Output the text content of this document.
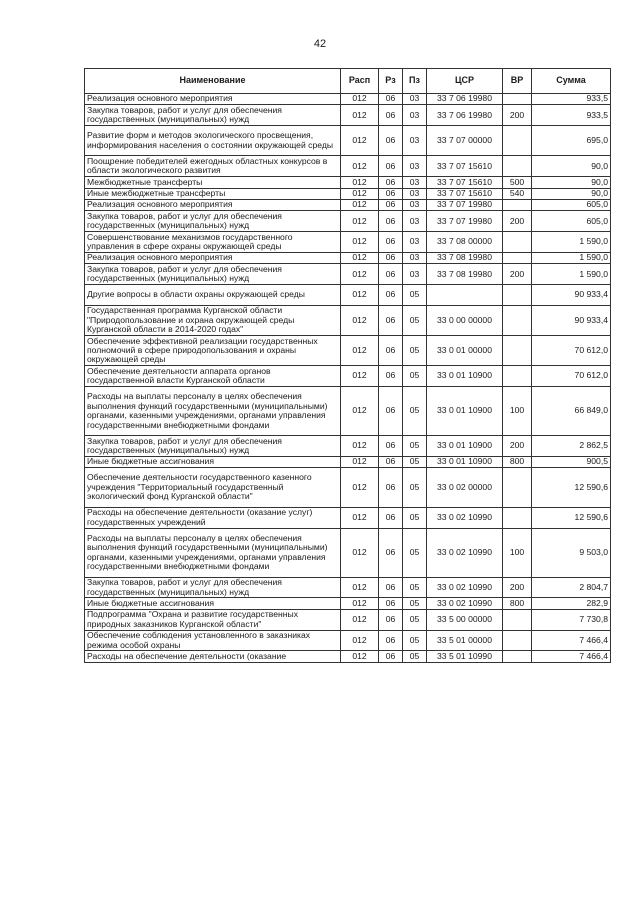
42
Наименование	Расп	Рз	Пз	ЦСР	ВР	Сумма
Реализация основного мероприятия	012	06	03	33 7 06 19980		933,5
Закупка товаров, работ и услуг для обеспечения государственных (муниципальных) нужд	012	06	03	33 7 06 19980	200	933,5
Развитие форм и методов экологического просвещения, информирования населения о состоянии окружающей среды	012	06	03	33 7 07 00000		695,0
Поощрение победителей ежегодных областных конкурсов в области экологического развития	012	06	03	33 7 07 15610		90,0
Межбюджетные трансферты	012	06	03	33 7 07 15610	500	90,0
Иные межбюджетные трансферты	012	06	03	33 7 07 15610	540	90,0
Реализация основного мероприятия	012	06	03	33 7 07 19980		605,0
Закупка товаров, работ и услуг для обеспечения государственных (муниципальных) нужд	012	06	03	33 7 07 19980	200	605,0
Совершенствование механизмов государственного управления в сфере охраны окружающей среды	012	06	03	33 7 08 00000		1 590,0
Реализация основного мероприятия	012	06	03	33 7 08 19980		1 590,0
Закупка товаров, работ и услуг для обеспечения государственных (муниципальных) нужд	012	06	03	33 7 08 19980	200	1 590,0
Другие вопросы в области охраны окружающей среды	012	06	05			90 933,4
Государственная программа Курганской области "Природопользование и охрана окружающей среды Курганской области в 2014-2020 годах"	012	06	05	33 0 00 00000		90 933,4
Обеспечение эффективной реализации государственных полномочий в сфере природопользования и охраны окружающей среды	012	06	05	33 0 01 00000		70 612,0
Обеспечение деятельности аппарата органов государственной власти Курганской области	012	06	05	33 0 01 10900		70 612,0
Расходы на выплаты персоналу в целях обеспечения выполнения функций государственными (муниципальными) органами, казенными учреждениями, органами управления государственными внебюджетными фондами	012	06	05	33 0 01 10900	100	66 849,0
Закупка товаров, работ и услуг для обеспечения государственных (муниципальных) нужд	012	06	05	33 0 01 10900	200	2 862,5
Иные бюджетные ассигнования	012	06	05	33 0 01 10900	800	900,5
Обеспечение деятельности государственного казенного учреждения "Территориальный государственный экологический фонд Курганской области"	012	06	05	33 0 02 00000		12 590,6
Расходы на обеспечение деятельности (оказание услуг) государственных учреждений	012	06	05	33 0 02 10990		12 590,6
Расходы на выплаты персоналу в целях обеспечения выполнения функций государственными (муниципальными) органами, казенными учреждениями, органами управления государственными внебюджетными фондами	012	06	05	33 0 02 10990	100	9 503,0
Закупка товаров, работ и услуг для обеспечения государственных (муниципальных) нужд	012	06	05	33 0 02 10990	200	2 804,7
Иные бюджетные ассигнования	012	06	05	33 0 02 10990	800	282,9
Подпрограмма "Охрана и развитие государственных природных заказников Курганской области"	012	06	05	33 5 00 00000		7 730,8
Обеспечение соблюдения установленного в заказниках режима особой охраны	012	06	05	33 5 01 00000		7 466,4
Расходы на обеспечение деятельности (оказание	012	06	05	33 5 01 10990		7 466,4
